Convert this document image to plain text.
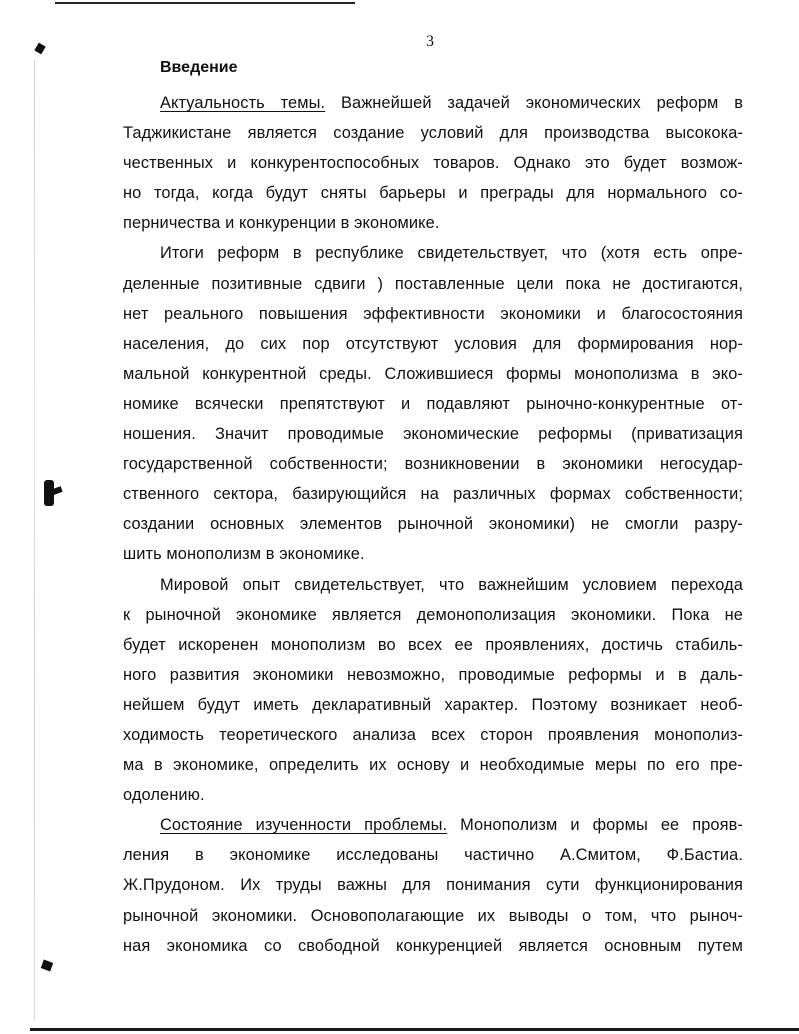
3
Введение
Актуальность темы. Важнейшей задачей экономических реформ в
Таджикистане является создание условий для производства высокока-
чественных и конкурентоспособных товаров. Однако это будет возмож-
но тогда, когда будут сняты барьеры и преграды для нормального со-
перничества и конкуренции в экономике.
Итоги реформ в республике свидетельствует, что (хотя есть опре-
деленные позитивные сдвиги ) поставленные цели пока не достигаются,
нет реального повышения эффективности экономики и благосостояния
населения, до сих пор отсутствуют условия для формирования нор-
мальной конкурентной среды. Сложившиеся формы монополизма в эко-
номике всячески препятствуют и подавляют рыночно-конкурентные от-
ношения. Значит проводимые экономические реформы (приватизация
государственной собственности; возникновении в экономики негосудар-
ственного сектора, базирующийся на различных формах собственности;
создании основных элементов рыночной экономики) не смогли разру-
шить монополизм в экономике.
Мировой опыт свидетельствует, что важнейшим условием перехода
к рыночной экономике является демонополизация экономики. Пока не
будет искоренен монополизм во всех ее проявлениях, достичь стабиль-
ного развития экономики невозможно, проводимые реформы и в даль-
нейшем будут иметь декларативный характер. Поэтому возникает необ-
ходимость теоретического анализа всех сторон проявления монополиз-
ма в экономике, определить их основу и необходимые меры по его пре-
одолению.
Состояние изученности проблемы. Монополизм и формы ее прояв-
ления в экономике исследованы частично А.Смитом, Ф.Бастиа.
Ж.Прудоном. Их труды важны для понимания сути функционирования
рыночной экономики. Основополагающие их выводы о том, что рыноч-
ная экономика со свободной конкуренцией является основным путем
